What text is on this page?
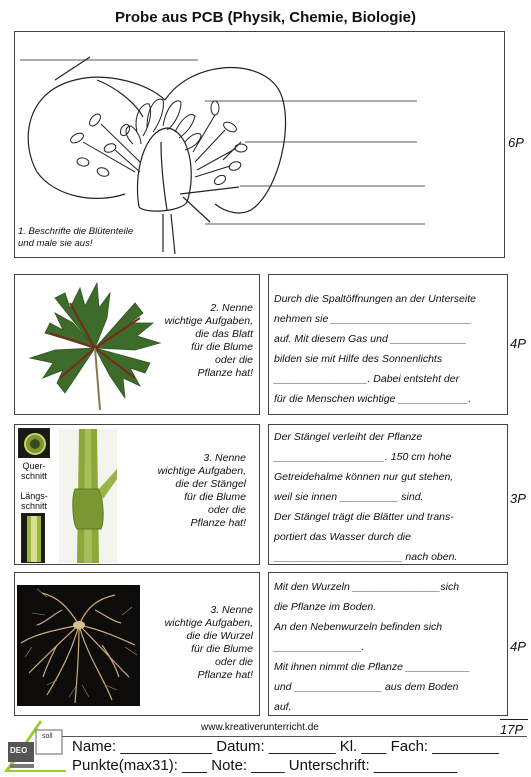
Probe aus PCB (Physik, Chemie, Biologie)
1. Beschrifte die Blütenteile
und male sie aus!
6P
2. Nenne
wichtige Aufgaben,
die das Blatt
für die Blume
oder die
Pflanze hat!

Durch die Spaltöffnungen an der Unterseite

nehmen sie ________________________

auf. Mit diesem Gas und _____________

bilden sie mit Hilfe des Sonnenlichts

________________. Dabei entsteht der

für die Menschen wichtige ____________.

4P
Quer-
schnitt
Längs-
schnitt
3. Nenne
wichtige Aufgaben,
die der Stängel
für die Blume
oder die
Pflanze hat!

Der Stängel verleiht der Pflanze

___________________. 150 cm hohe

Getreidehalme können nur gut stehen,

weil sie innen __________ sind.

Der Stängel trägt die Blätter und trans-

portiert das Wasser durch die

______________________ nach oben.

3P
3. Nenne
wichtige Aufgaben,
die die Wurzel
für die Blume
oder die
Pflanze hat!

Mit den Wurzeln _______________sich

die Pflanze im Boden.

An den Nebenwurzeln befinden sich

_______________.

Mit ihnen nimmt die Pflanze ___________

und _______________ aus dem Boden

auf.

4P
www.kreativerunterricht.de	17P
DEO
soll
Name: ___________ Datum: ________ Kl. ___ Fach: ________
Punkte(max31): ___ Note: ____ Unterschrift: __________
